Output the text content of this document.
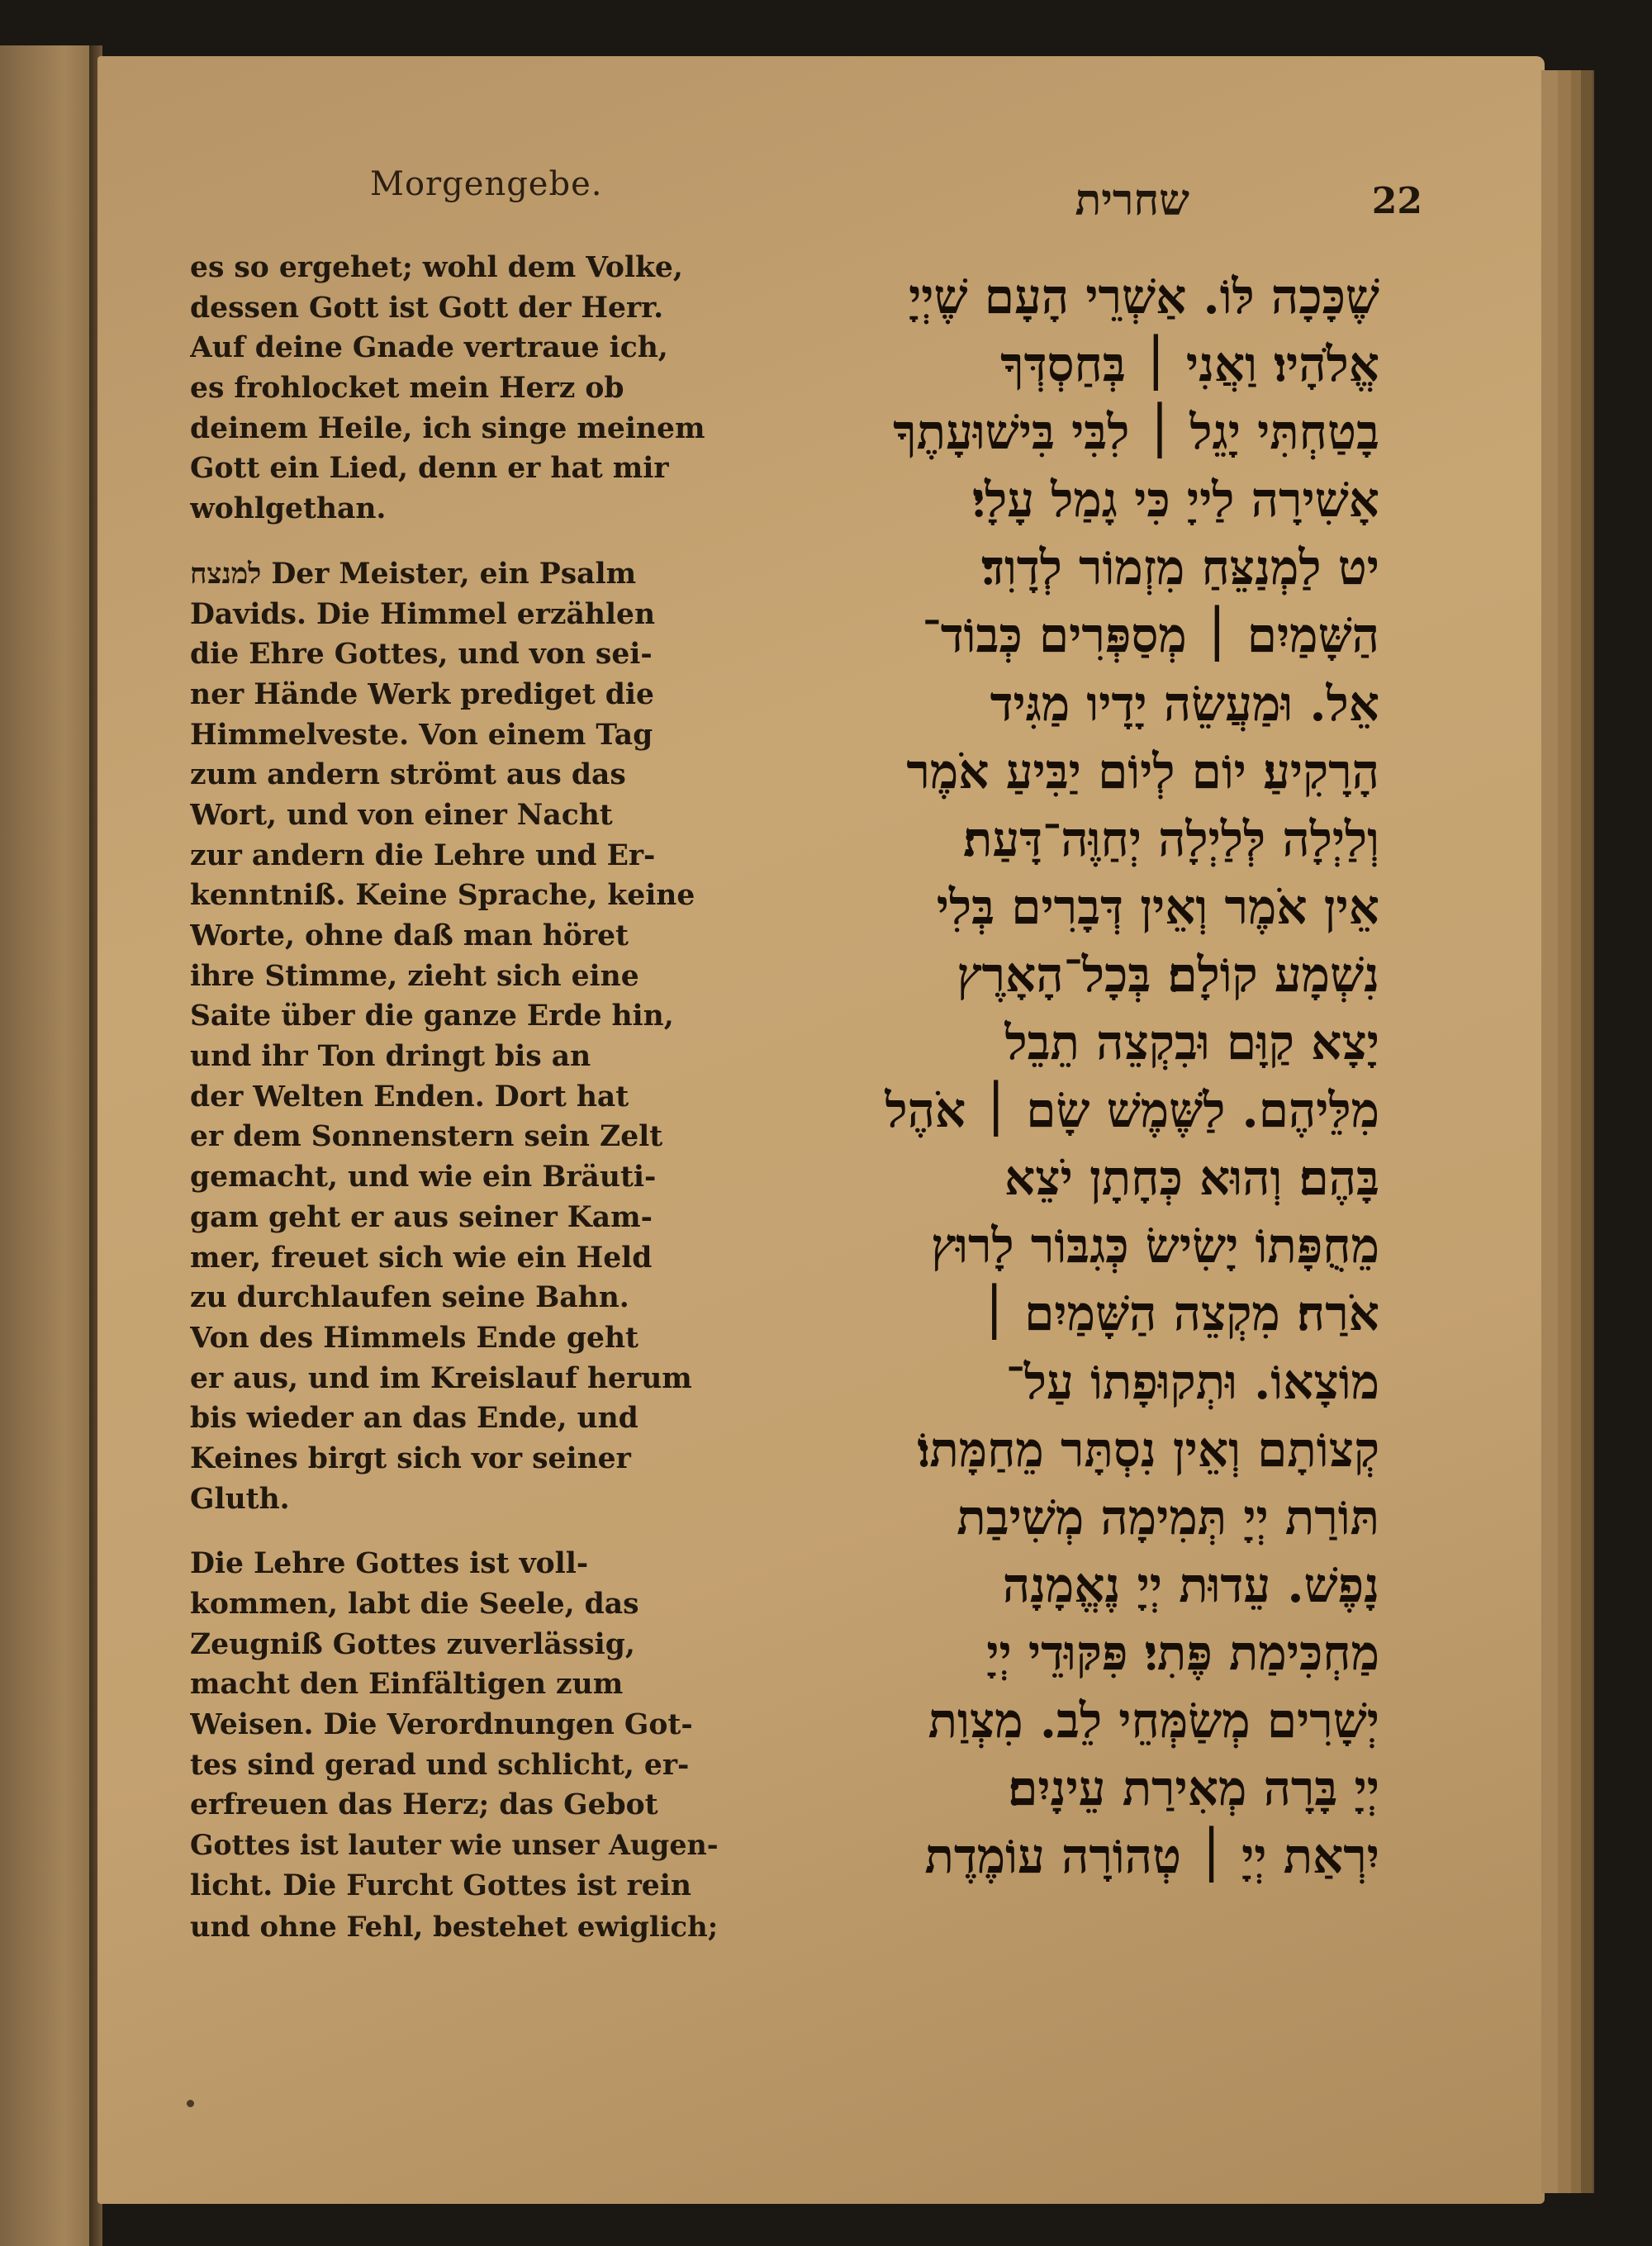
Morgengebe.	שחרית	22
es so ergehet; wohl dem Volke,
dessen Gott ist Gott der Herr.
Auf deine Gnade vertraue ich,
es frohlocket mein Herz ob
deinem Heile, ich singe meinem
Gott ein Lied, denn er hat mir
wohlgethan.
למנצח Der Meister, ein Psalm
Davids. Die Himmel erzählen
die Ehre Gottes, und von sei-
ner Hände Werk prediget die
Himmelveste. Von einem Tag
zum andern strömt aus das
Wort, und von einer Nacht
zur andern die Lehre und Er-
kenntniß. Keine Sprache, keine
Worte, ohne daß man höret
ihre Stimme, zieht sich eine
Saite über die ganze Erde hin,
und ihr Ton dringt bis an
der Welten Enden. Dort hat
er dem Sonnenstern sein Zelt
gemacht, und wie ein Bräuti-
gam geht er aus seiner Kam-
mer, freuet sich wie ein Held
zu durchlaufen seine Bahn.
Von des Himmels Ende geht
er aus, und im Kreislauf herum
bis wieder an das Ende, und
Keines birgt sich vor seiner
Gluth.
Die Lehre Gottes ist voll-
kommen, labt die Seele, das
Zeugniß Gottes zuverlässig,
macht den Einfältigen zum
Weisen. Die Verordnungen Got-
tes sind gerad und schlicht, er-
erfreuen das Herz; das Gebot
Gottes ist lauter wie unser Augen-
licht. Die Furcht Gottes ist rein
und ohne Fehl, bestehet ewiglich;
שֶׁכָּכָה לּוֹ. אַשְׁרֵי הָעָם שֶׁיְיָ
אֱלֹהָיו׃ וַאֲנִי ׀ בְּחַסְדְּךָ
בָטַחְתִּי יָגֵל ׀ לִבִּי בִּישׁוּעָתֶךָ
אָשִׁירָה לַייָ כִּי גָמַל עָלָי׃
יט לַמְנַצֵּחַ מִזְמוֹר לְדָוִד׃
הַשָּׁמַיִם ׀ מְסַפְּרִים כְּבוֹד־
אֵל. וּמַעֲשֵׂה יָדָיו מַגִּיד
הָרָקִיעַ׃ יוֹם לְיוֹם יַבִּיעַ אֹמֶר
וְלַיְלָה לְּלַיְלָה יְחַוֶּה־דָּעַת׃
אֵין אֹמֶר וְאֵין דְּבָרִים בְּלִי
נִשְׁמָע קוֹלָם׃ בְּכָל־הָאָרֶץ
יָצָא קַוָּם וּבִקְצֵה תֵבֵל
מִלֵּיהֶם. לַשֶּׁמֶשׁ שָׂם ׀ אֹהֶל
בָּהֶם׃ וְהוּא כְּחָתָן יֹצֵא
מֵחֻפָּתוֹ יָשִׂישׂ כְּגִבּוֹר לָרוּץ
אֹרַח׃ מִקְצֵה הַשָּׁמַיִם ׀
מוֹצָאוֹ. וּתְקוּפָתוֹ עַל־
קְצוֹתָם וְאֵין נִסְתָּר מֵחַמָּתוֹ׃
תּוֹרַת יְיָ תְּמִימָה מְשִׁיבַת
נָפֶשׁ. עֵדוּת יְיָ נֶאֱמָנָה
מַחְכִּימַת פֶּתִי׃ פִּקּוּדֵי יְיָ
יְשָׁרִים מְשַׂמְּחֵי לֵב. מִצְוַת
יְיָ בָּרָה מְאִירַת עֵינָיִם׃
יִרְאַת יְיָ ׀ טְהוֹרָה עוֹמֶדֶת
